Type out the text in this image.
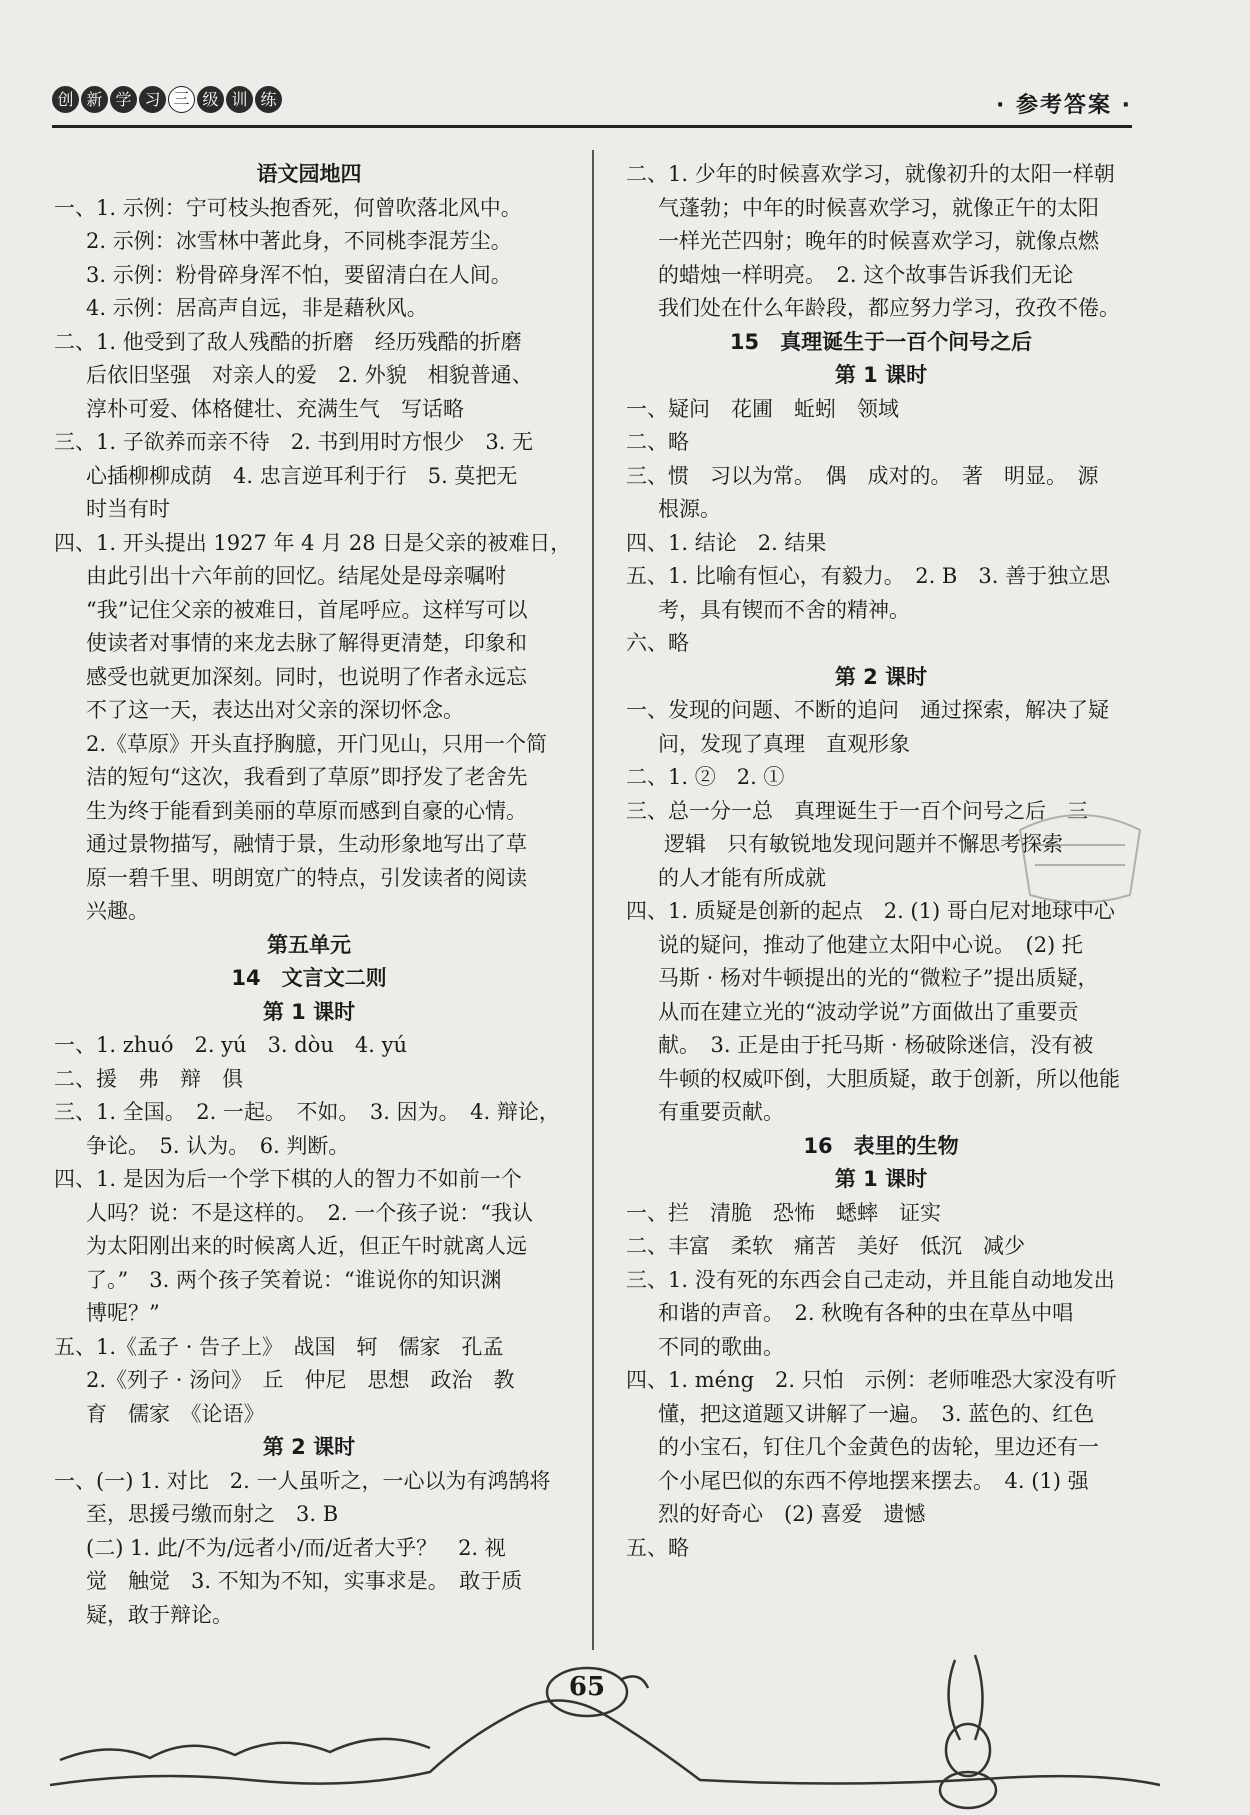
创 新 学 习 三 级 训 练	· 参考答案 ·
语文园地四
一、1. 示例：宁可枝头抱香死，何曾吹落北风中。
2. 示例：冰雪林中著此身，不同桃李混芳尘。
3. 示例：粉骨碎身浑不怕，要留清白在人间。
4. 示例：居高声自远，非是藉秋风。
二、1. 他受到了敌人残酷的折磨　经历残酷的折磨
后依旧坚强　对亲人的爱　2. 外貌　相貌普通、
淳朴可爱、体格健壮、充满生气　写话略
三、1. 子欲养而亲不待　2. 书到用时方恨少　3. 无
心插柳柳成荫　4. 忠言逆耳利于行　5. 莫把无
时当有时
四、1. 开头提出 1927 年 4 月 28 日是父亲的被难日，
由此引出十六年前的回忆。结尾处是母亲嘱咐
“我”记住父亲的被难日，首尾呼应。这样写可以
使读者对事情的来龙去脉了解得更清楚，印象和
感受也就更加深刻。同时，也说明了作者永远忘
不了这一天，表达出对父亲的深切怀念。
2.《草原》开头直抒胸臆，开门见山，只用一个简
洁的短句“这次，我看到了草原”即抒发了老舍先
生为终于能看到美丽的草原而感到自豪的心情。
通过景物描写，融情于景，生动形象地写出了草
原一碧千里、明朗宽广的特点，引发读者的阅读
兴趣。
第五单元
14　文言文二则
第 1 课时
一、1. zhuó　2. yú　3. dòu　4. yú
二、援　弗　辩　俱
三、1. 全国。　2. 一起。　不如。　3. 因为。　4. 辩论，
争论。　5. 认为。　6. 判断。
四、1. 是因为后一个学下棋的人的智力不如前一个
人吗？说：不是这样的。　2. 一个孩子说：“我认
为太阳刚出来的时候离人近，但正午时就离人远
了。”　3. 两个孩子笑着说：“谁说你的知识渊
博呢？”
五、1.《孟子 · 告子上》　战国　轲　儒家　孔孟
2.《列子 · 汤问》　丘　仲尼　思想　政治　教
育　儒家　《论语》
第 2 课时
一、(一) 1. 对比　2. 一人虽听之，一心以为有鸿鹄将
至，思援弓缴而射之　3. B
(二) 1. 此/不为/远者小/而/近者大乎？　2. 视
觉　触觉　3. 不知为不知，实事求是。　敢于质
疑，敢于辩论。
二、1. 少年的时候喜欢学习，就像初升的太阳一样朝
气蓬勃；中年的时候喜欢学习，就像正午的太阳
一样光芒四射；晚年的时候喜欢学习，就像点燃
的蜡烛一样明亮。　2. 这个故事告诉我们无论
我们处在什么年龄段，都应努力学习，孜孜不倦。
15　真理诞生于一百个问号之后
第 1 课时
一、疑问　花圃　蚯蚓　领域
二、略
三、惯　习以为常。　偶　成对的。　著　明显。　源
根源。
四、1. 结论　2. 结果
五、1. 比喻有恒心，有毅力。　2. B　3. 善于独立思
考，具有锲而不舍的精神。
六、略
第 2 课时
一、发现的问题、不断的追问　通过探索，解决了疑
问，发现了真理　直观形象
二、1. ②　2. ①
三、总一分一总　真理诞生于一百个问号之后　三
逻辑　只有敏锐地发现问题并不懈思考探索
的人才能有所成就
四、1. 质疑是创新的起点　2. (1) 哥白尼对地球中心
说的疑问，推动了他建立太阳中心说。　(2) 托
马斯 · 杨对牛顿提出的光的“微粒子”提出质疑，
从而在建立光的“波动学说”方面做出了重要贡
献。　3. 正是由于托马斯 · 杨破除迷信，没有被
牛顿的权威吓倒，大胆质疑，敢于创新，所以他能
有重要贡献。
16　表里的生物
第 1 课时
一、拦　清脆　恐怖　蟋蟀　证实
二、丰富　柔软　痛苦　美好　低沉　减少
三、1. 没有死的东西会自己走动，并且能自动地发出
和谐的声音。　2. 秋晚有各种的虫在草丛中唱
不同的歌曲。
四、1. méng　2. 只怕　示例：老师唯恐大家没有听
懂，把这道题又讲解了一遍。　3. 蓝色的、红色
的小宝石，钉住几个金黄色的齿轮，里边还有一
个小尾巴似的东西不停地摆来摆去。　4. (1) 强
烈的好奇心　(2) 喜爱　遗憾
五、略
65
